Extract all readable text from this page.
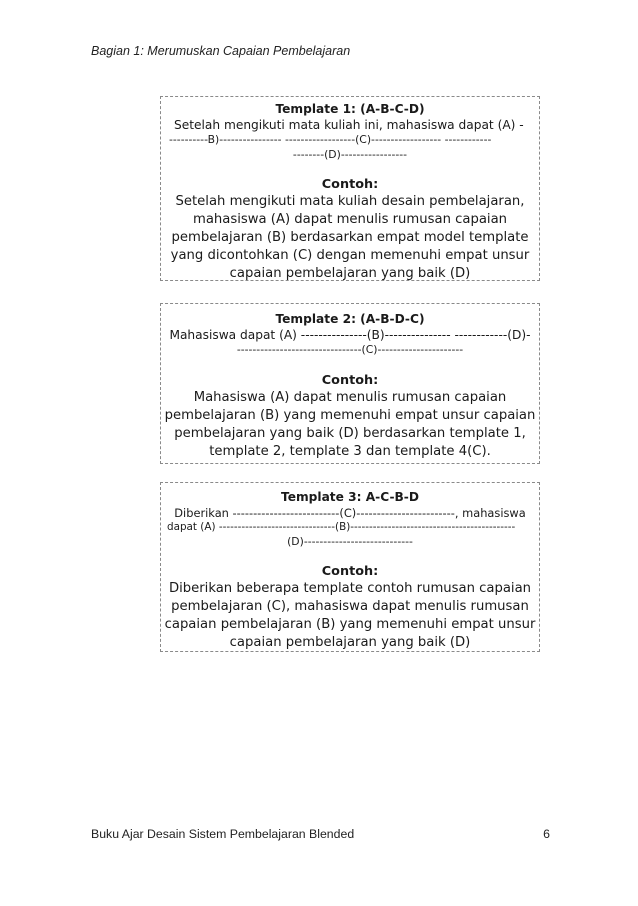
Bagian 1: Merumuskan Capaian Pembelajaran
Template 1: (A-B-C-D)
Setelah mengikuti mata kuliah ini, mahasiswa dapat (A) -
----------B)---------------- ------------------(C)------------------ ------------
--------(D)-----------------
Contoh:
Setelah mengikuti mata kuliah desain pembelajaran,
mahasiswa (A) dapat menulis rumusan capaian
pembelajaran (B) berdasarkan empat model template
yang dicontohkan (C) dengan memenuhi empat unsur
capaian pembelajaran yang baik (D)
Template 2: (A-B-D-C)
Mahasiswa dapat (A) ---------------(B)--------------- ------------(D)-
--------------------------------(C)----------------------
Contoh:
Mahasiswa (A) dapat menulis rumusan capaian
pembelajaran (B) yang memenuhi empat unsur capaian
pembelajaran yang baik (D) berdasarkan template 1,
template 2, template 3 dan template 4(C).
Template 3: A-C-B-D
Diberikan --------------------------(C)------------------------, mahasiswa
dapat (A) -------------------------------(B)--------------------------------------------
(D)----------------------------
Contoh:
Diberikan beberapa template contoh rumusan capaian
pembelajaran (C), mahasiswa dapat menulis rumusan
capaian pembelajaran (B) yang memenuhi empat unsur
capaian pembelajaran yang baik (D)
Buku Ajar Desain Sistem Pembelajaran Blended	6
